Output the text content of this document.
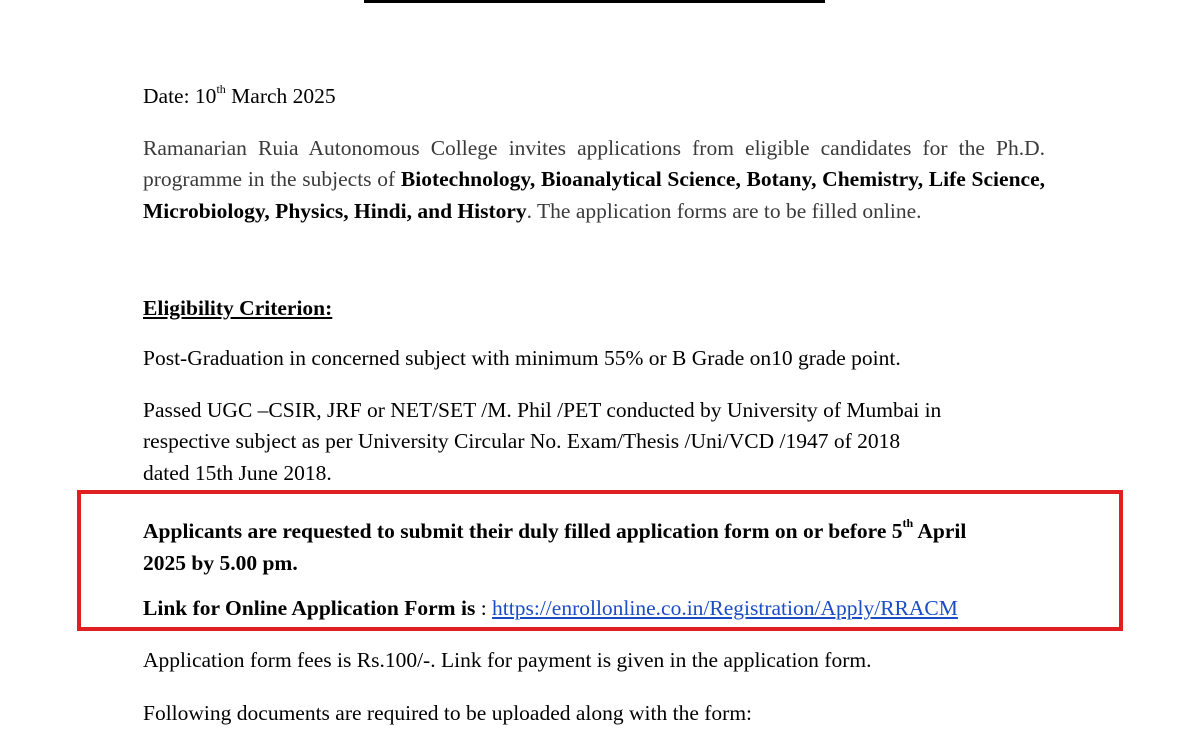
Date: 10th March 2025
Ramanarian Ruia Autonomous College invites applications from eligible candidates for the Ph.D. programme in the subjects of Biotechnology, Bioanalytical Science, Botany, Chemistry, Life Science, Microbiology, Physics, Hindi, and History. The application forms are to be filled online.
Eligibility Criterion:
Post-Graduation in concerned subject with minimum 55% or B Grade on10 grade point.
Passed UGC –CSIR, JRF or NET/SET /M. Phil /PET conducted by University of Mumbai in
respective subject as per University Circular No. Exam/Thesis /Uni/VCD /1947 of 2018
dated 15th June 2018.
Applicants are requested to submit their duly filled application form on or before 5th April
2025 by 5.00 pm.
Link for Online Application Form is : https://enrollonline.co.in/Registration/Apply/RRACM
Application form fees is Rs.100/-. Link for payment is given in the application form.
Following documents are required to be uploaded along with the form:
